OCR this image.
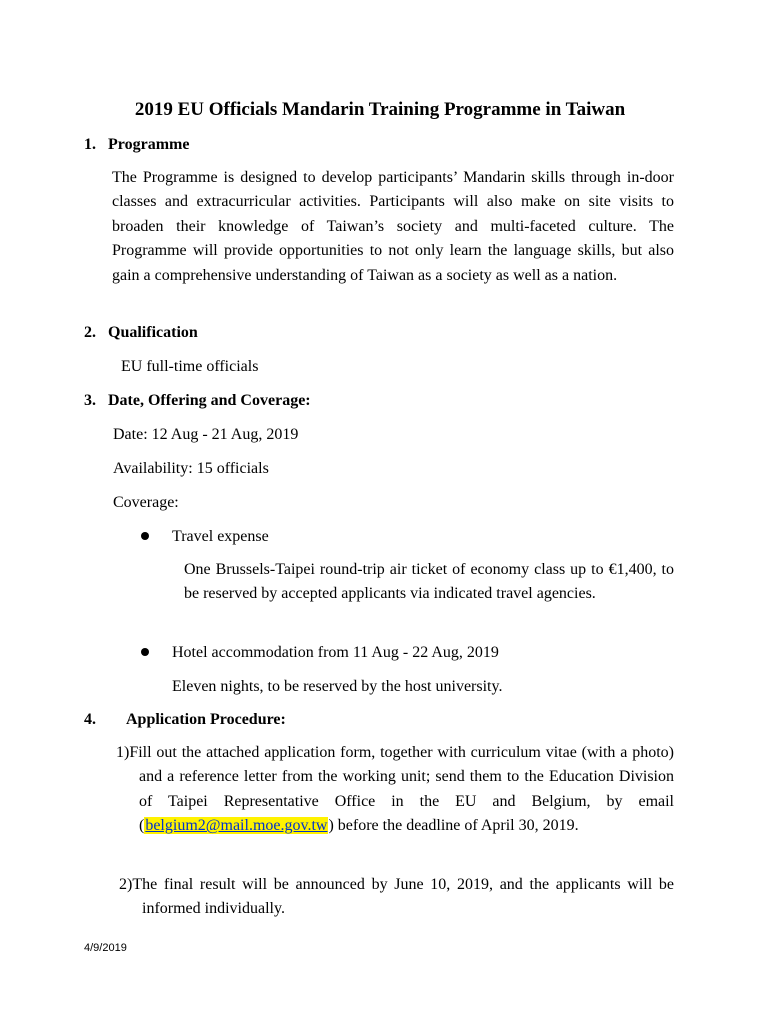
2019 EU Officials Mandarin Training Programme in Taiwan
1. Programme
The Programme is designed to develop participants’ Mandarin skills through in-door classes and extracurricular activities. Participants will also make on site visits to broaden their knowledge of Taiwan’s society and multi-faceted culture. The Programme will provide opportunities to not only learn the language skills, but also gain a comprehensive understanding of Taiwan as a society as well as a nation.
2. Qualification
EU full-time officials
3. Date, Offering and Coverage:
Date: 12 Aug - 21 Aug, 2019
Availability: 15 officials
Coverage:
Travel expense
One Brussels-Taipei round-trip air ticket of economy class up to €1,400, to be reserved by accepted applicants via indicated travel agencies.
Hotel accommodation from 11 Aug - 22 Aug, 2019
Eleven nights, to be reserved by the host university.
4. Application Procedure:
1)Fill out the attached application form, together with curriculum vitae (with a photo) and a reference letter from the working unit; send them to the Education Division of Taipei Representative Office in the EU and Belgium, by email (belgium2@mail.moe.gov.tw) before the deadline of April 30, 2019.
2)The final result will be announced by June 10, 2019, and the applicants will be informed individually.
4/9/2019
